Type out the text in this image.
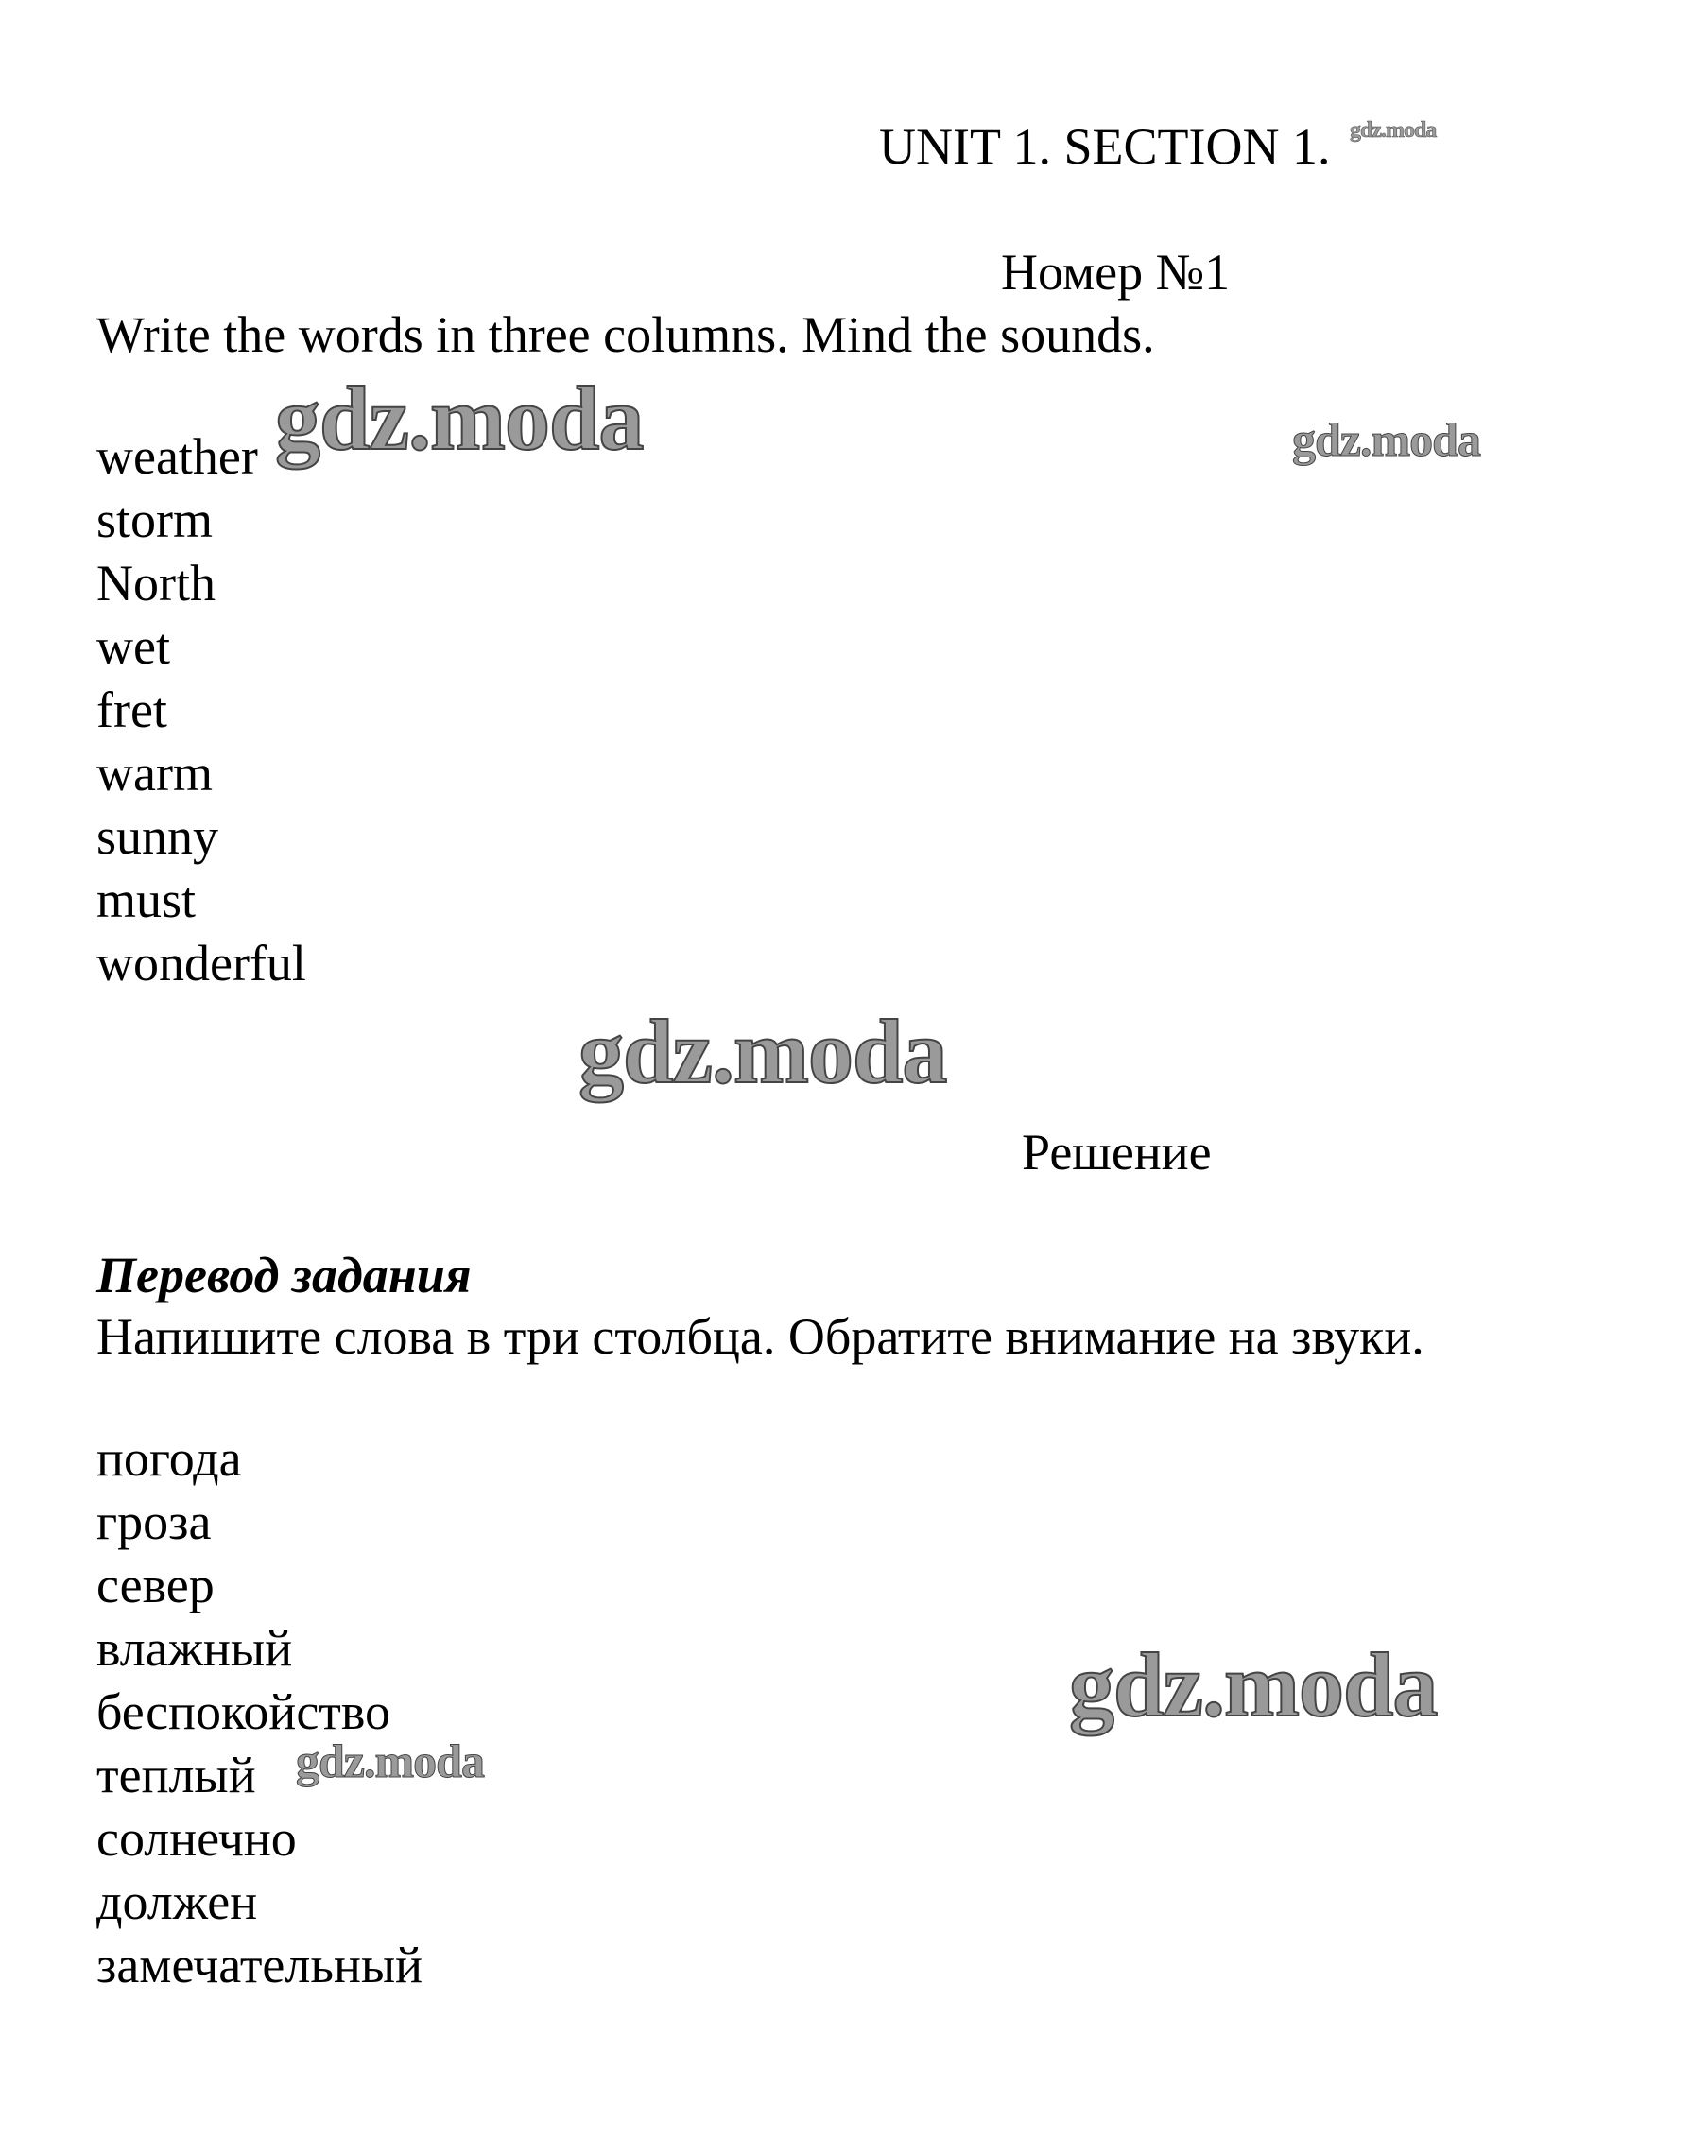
UNIT 1. SECTION 1.
Номер №1
Write the words in three columns. Mind the sounds.
weather
storm
North
wet
fret
warm
sunny
must
wonderful
Решение
Перевод задания
Напишите слова в три столбца. Обратите внимание на звуки.
погода
гроза
север
влажный
беспокойство
теплый
солнечно
должен
замечательный
gdz.moda
gdz.moda	gdz.moda
gdz.moda
gdz.moda
gdz.moda
